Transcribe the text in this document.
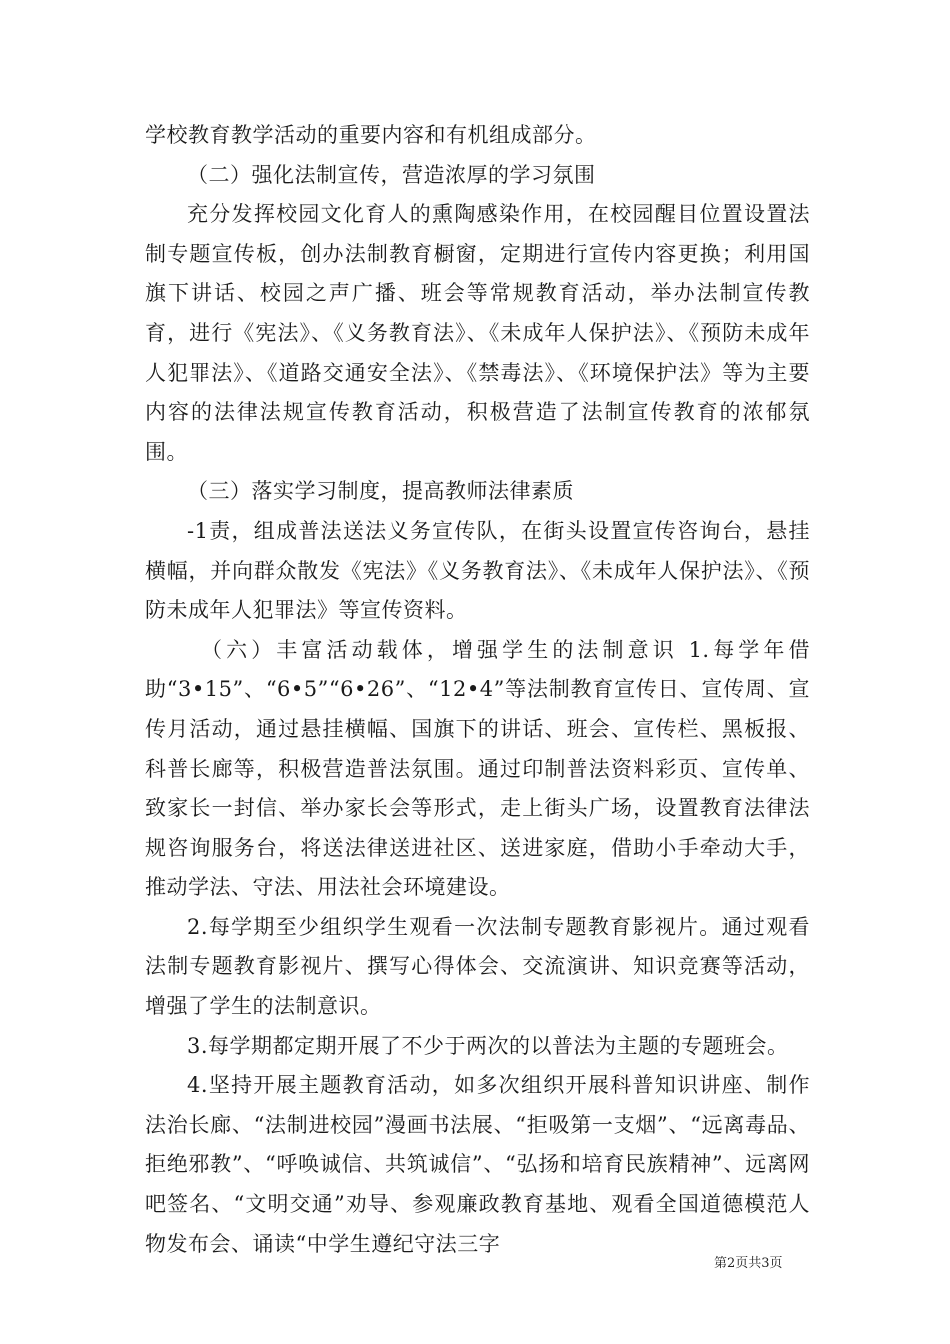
学校教育教学活动的重要内容和有机组成部分。

（二）强化法制宣传，营造浓厚的学习氛围

充分发挥校园文化育人的熏陶感染作用，在校园醒目位置设置法制专题宣传板，创办法制教育橱窗，定期进行宣传内容更换；利用国旗下讲话、校园之声广播、班会等常规教育活动，举办法制宣传教育，进行《宪法》、《义务教育法》、《未成年人保护法》、《预防未成年人犯罪法》、《道路交通安全法》、《禁毒法》、《环境保护法》等为主要内容的法律法规宣传教育活动，积极营造了法制宣传教育的浓郁氛围。

（三）落实学习制度，提高教师法律素质

-1责，组成普法送法义务宣传队，在街头设置宣传咨询台，悬挂横幅，并向群众散发《宪法》《义务教育法》、《未成年人保护法》、《预防未成年人犯罪法》等宣传资料。

（六）丰富活动载体，增强学生的法制意识 1.每学年借助“3•15”、“6•5”“6•26”、“12•4”等法制教育宣传日、宣传周、宣传月活动，通过悬挂横幅、国旗下的讲话、班会、宣传栏、黑板报、科普长廊等，积极营造普法氛围。通过印制普法资料彩页、宣传单、致家长一封信、举办家长会等形式，走上街头广场，设置教育法律法规咨询服务台，将送法律送进社区、送进家庭，借助小手牵动大手，推动学法、守法、用法社会环境建设。

2.每学期至少组织学生观看一次法制专题教育影视片。通过观看法制专题教育影视片、撰写心得体会、交流演讲、知识竞赛等活动，增强了学生的法制意识。

3.每学期都定期开展了不少于两次的以普法为主题的专题班会。

4.坚持开展主题教育活动，如多次组织开展科普知识讲座、制作法治长廊、“法制进校园”漫画书法展、“拒吸第一支烟”、“远离毒品、拒绝邪教”、“呼唤诚信、共筑诚信”、“弘扬和培育民族精神”、远离网吧签名、“文明交通”劝导、参观廉政教育基地、观看全国道德模范人物发布会、诵读“中学生遵纪守法三字

第2页共3页
